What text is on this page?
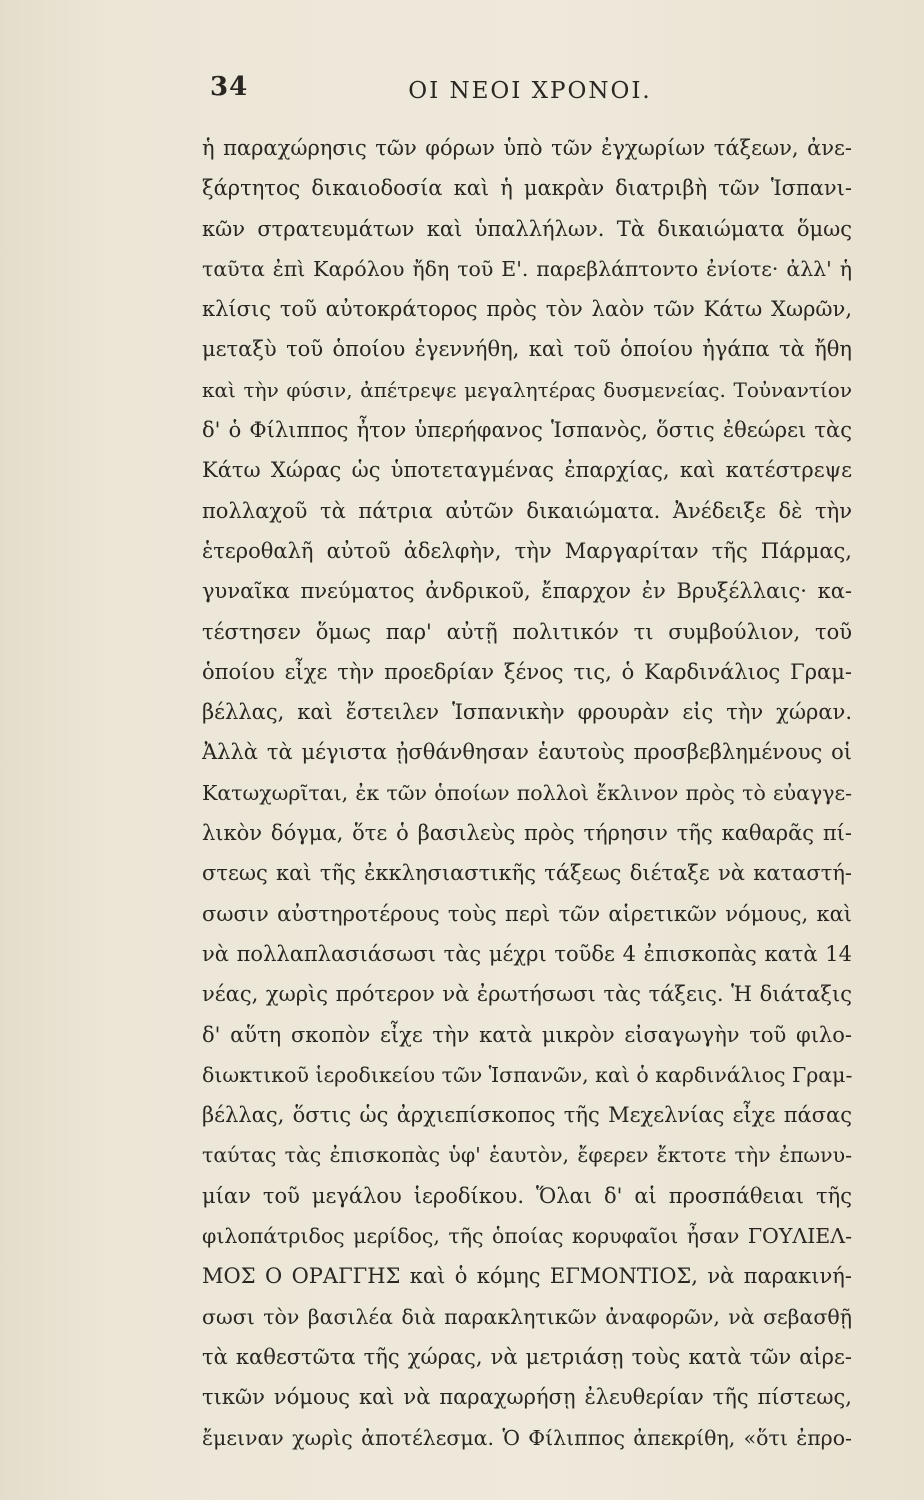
34	ΟΙ ΝΕΟΙ ΧΡΟΝΟΙ.
ἡ παραχώρησις τῶν φόρων ὑπὸ τῶν ἐγχωρίων τάξεων, ἀνε-
ξάρτητος δικαιοδοσία καὶ ἡ μακρὰν διατριβὴ τῶν Ἱσπανι-
κῶν στρατευμάτων καὶ ὑπαλλήλων. Τὰ δικαιώματα ὅμως
ταῦτα ἐπὶ Καρόλου ἤδη τοῦ Ε'. παρεβλάπτοντο ἐνίοτε· ἀλλ' ἡ
κλίσις τοῦ αὐτοκράτορος πρὸς τὸν λαὸν τῶν Κάτω Χωρῶν,
μεταξὺ τοῦ ὁποίου ἐγεννήθη, καὶ τοῦ ὁποίου ἠγάπα τὰ ἤθη
καὶ τὴν φύσιν, ἀπέτρεψε μεγαλητέρας δυσμενείας. Τοὐναντίον
δ' ὁ Φίλιππος ἦτον ὑπερήφανος Ἱσπανὸς, ὅστις ἐθεώρει τὰς
Κάτω Χώρας ὡς ὑποτεταγμένας ἐπαρχίας, καὶ κατέστρεψε
πολλαχοῦ τὰ πάτρια αὐτῶν δικαιώματα. Ἀνέδειξε δὲ τὴν
ἑτεροθαλῆ αὐτοῦ ἀδελφὴν, τὴν Μαργαρίταν τῆς Πάρμας,
γυναῖκα πνεύματος ἀνδρικοῦ, ἔπαρχον ἐν Βρυξέλλαις· κα-
τέστησεν ὅμως παρ' αὐτῇ πολιτικόν τι συμβούλιον, τοῦ
ὁποίου εἶχε τὴν προεδρίαν ξένος τις, ὁ Καρδινάλιος Γραμ-
βέλλας, καὶ ἔστειλεν Ἱσπανικὴν φρουρὰν εἰς τὴν χώραν.
Ἀλλὰ τὰ μέγιστα ᾐσθάνθησαν ἑαυτοὺς προσβεβλημένους οἱ
Κατωχωρῖται, ἐκ τῶν ὁποίων πολλοὶ ἔκλινον πρὸς τὸ εὐαγγε-
λικὸν δόγμα, ὅτε ὁ βασιλεὺς πρὸς τήρησιν τῆς καθαρᾶς πί-
στεως καὶ τῆς ἐκκλησιαστικῆς τάξεως διέταξε νὰ καταστή-
σωσιν αὐστηροτέρους τοὺς περὶ τῶν αἱρετικῶν νόμους, καὶ
νὰ πολλαπλασιάσωσι τὰς μέχρι τοῦδε 4 ἐπισκοπὰς κατὰ 14
νέας, χωρὶς πρότερον νὰ ἐρωτήσωσι τὰς τάξεις. Ἡ διάταξις
δ' αὕτη σκοπὸν εἶχε τὴν κατὰ μικρὸν εἰσαγωγὴν τοῦ φιλο-
διωκτικοῦ ἱεροδικείου τῶν Ἱσπανῶν, καὶ ὁ καρδινάλιος Γραμ-
βέλλας, ὅστις ὡς ἀρχιεπίσκοπος τῆς Μεχελνίας εἶχε πάσας
ταύτας τὰς ἐπισκοπὰς ὑφ' ἑαυτὸν, ἔφερεν ἔκτοτε τὴν ἐπωνυ-
μίαν τοῦ μεγάλου ἱεροδίκου. Ὅλαι δ' αἱ προσπάθειαι τῆς
φιλοπάτριδος μερίδος, τῆς ὁποίας κορυφαῖοι ἦσαν ΓΟΥΛΙΕΛ-
ΜΟΣ Ο ΟΡΑΓΓΗΣ καὶ ὁ κόμης ΕΓΜΟΝΤΙΟΣ, νὰ παρακινή-
σωσι τὸν βασιλέα διὰ παρακλητικῶν ἀναφορῶν, νὰ σεβασθῇ
τὰ καθεστῶτα τῆς χώρας, νὰ μετριάσῃ τοὺς κατὰ τῶν αἱρε-
τικῶν νόμους καὶ νὰ παραχωρήσῃ ἐλευθερίαν τῆς πίστεως,
ἔμειναν χωρὶς ἀποτέλεσμα. Ὁ Φίλιππος ἀπεκρίθη, «ὅτι ἐπρο-
